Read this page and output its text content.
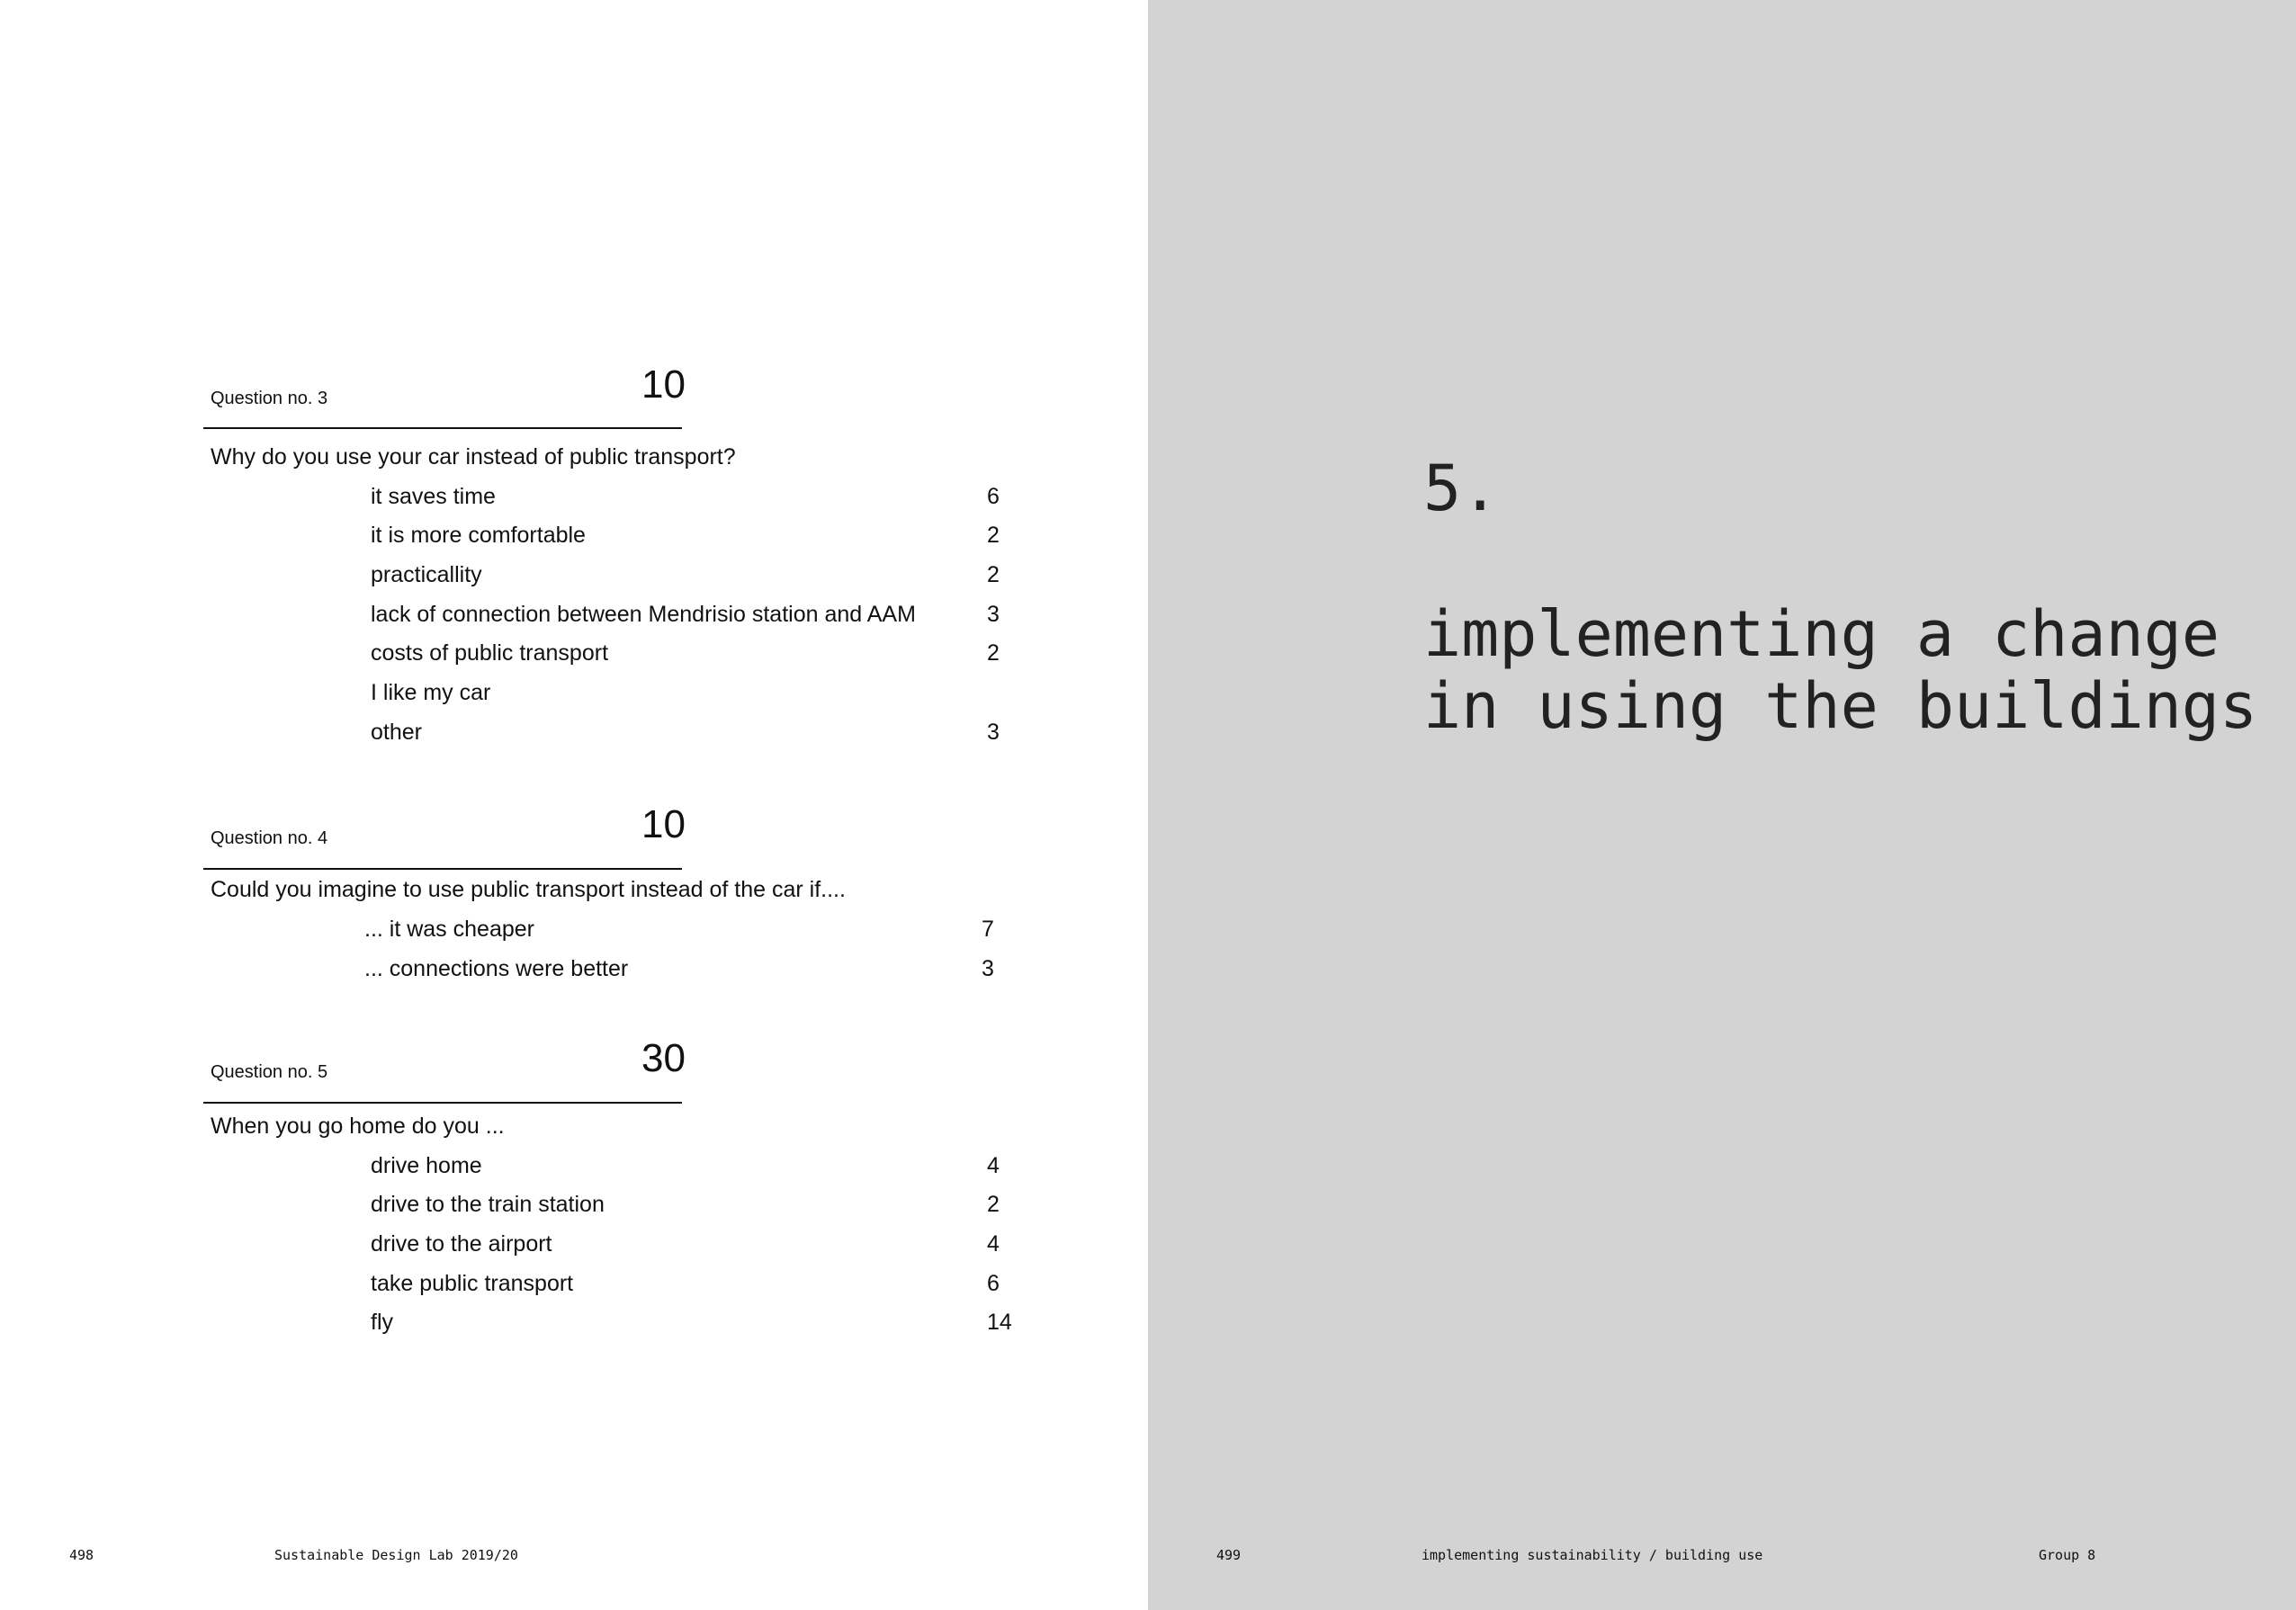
Question no. 3	10
Why do you use your car instead of public transport?
it saves time	6
it is more comfortable	2
practicallity	2
lack of connection between Mendrisio station and AAM	3
costs of public transport	2
I like my car
other	3
Question no. 4	10
Could you imagine to use public transport instead of the car if....
... it was cheaper	7
... connections were better	3
Question no. 5	30
When you go home do you ...
drive home	4
drive to the train station	2
drive to the airport	4
take public transport	6
fly	14
498	Sustainable Design Lab 2019/20
5.
implementing a change
in using the buildings
499	implementing sustainability / building use	Group 8
